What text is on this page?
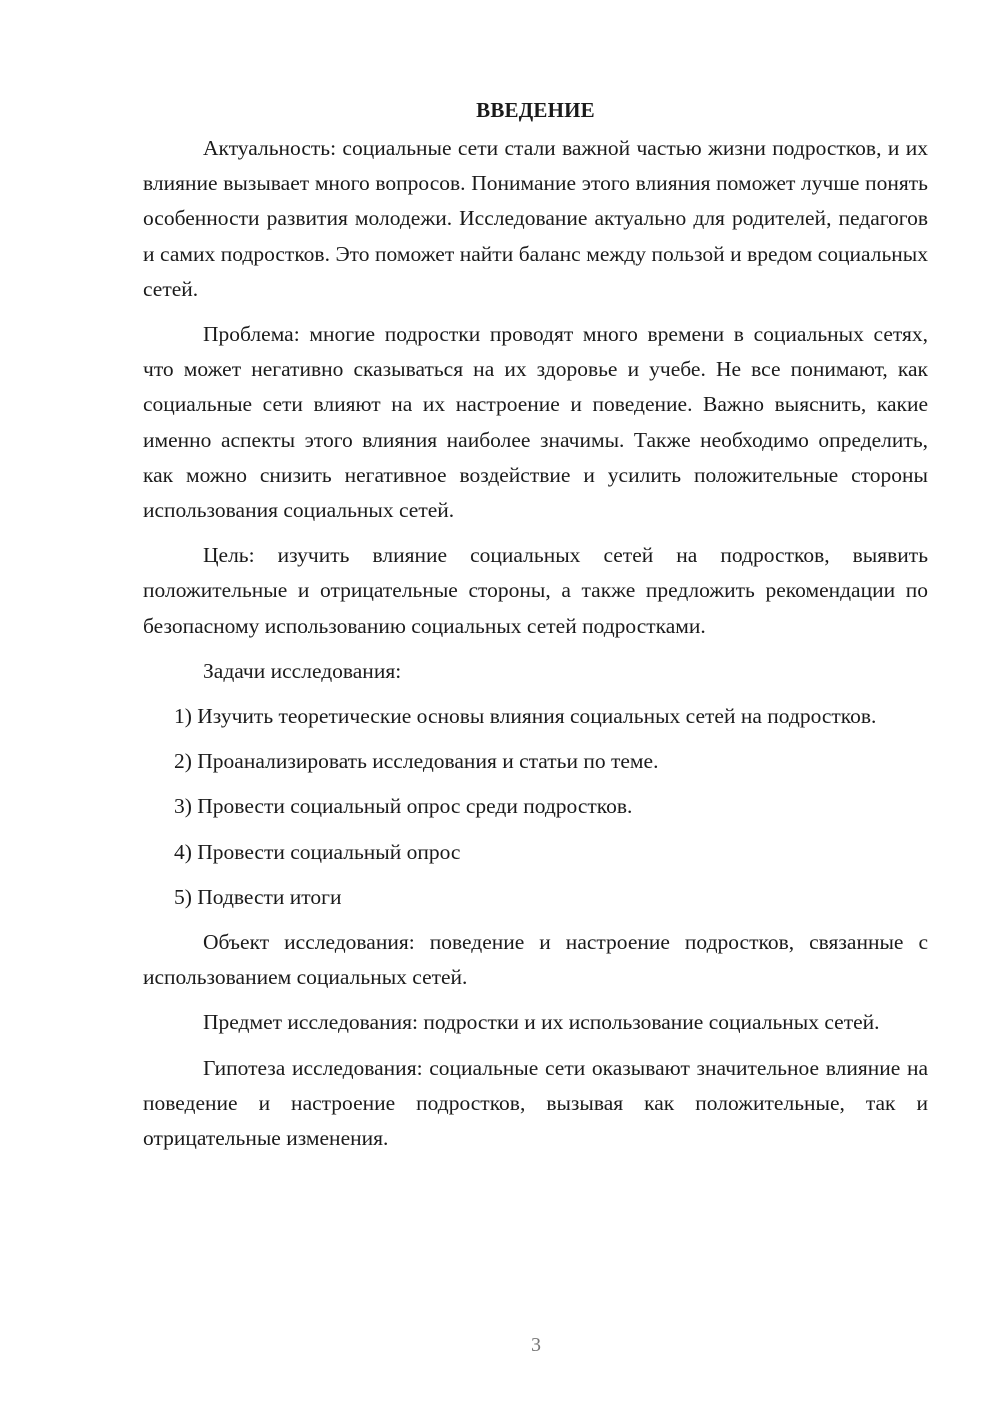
ВВЕДЕНИЕ

Актуальность: социальные сети стали важной частью жизни подростков, и их влияние вызывает много вопросов. Понимание этого влияния поможет лучше понять особенности развития молодежи. Исследование актуально для родителей, педагогов и самих подростков. Это поможет найти баланс между пользой и вредом социальных сетей.

Проблема: многие подростки проводят много времени в социальных сетях, что может негативно сказываться на их здоровье и учебе. Не все понимают, как социальные сети влияют на их настроение и поведение. Важно выяснить, какие именно аспекты этого влияния наиболее значимы. Также необходимо определить, как можно снизить негативное воздействие и усилить положительные стороны использования социальных сетей.

Цель: изучить влияние социальных сетей на подростков, выявить положительные и отрицательные стороны, а также предложить рекомендации по безопасному использованию социальных сетей подростками.

Задачи исследования:

1) Изучить теоретические основы влияния социальных сетей на подростков.

2) Проанализировать исследования и статьи по теме.

3) Провести социальный опрос среди подростков.

4) Провести социальный опрос

5) Подвести итоги

Объект исследования: поведение и настроение подростков, связанные с использованием социальных сетей.

Предмет исследования: подростки и их использование социальных сетей.

Гипотеза исследования: социальные сети оказывают значительное влияние на поведение и настроение подростков, вызывая как положительные, так и отрицательные изменения.

3
